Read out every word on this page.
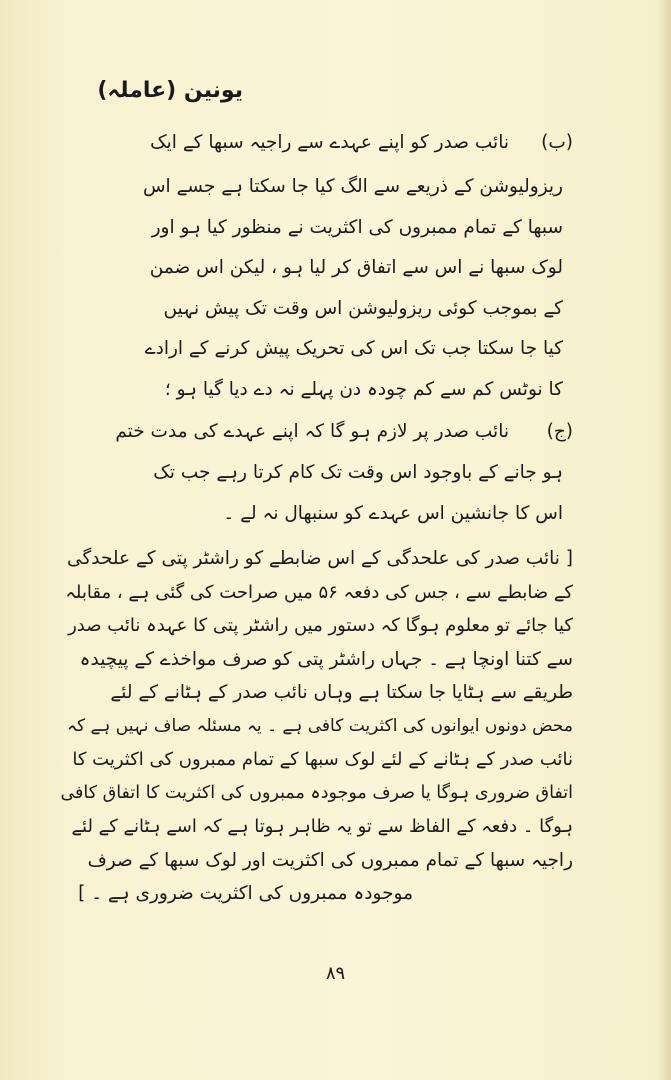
یونین (عاملہ)
(ب)
نائب صدر کو اپنے عہدے سے راجیہ سبھا کے ایک
ریزولیوشن کے ذریعے سے الگ کیا جا سکتا ہے جسے اس
سبھا کے تمام ممبروں کی اکثریت نے منظور کیا ہو اور
لوک سبھا نے اس سے اتفاق کر لیا ہو ، لیکن اس ضمن
کے بموجب کوئی ریزولیوشن اس وقت تک پیش نہیں
کیا جا سکتا جب تک اس کی تحریک پیش کرنے کے ارادے
کا نوٹس کم سے کم چودہ دن پہلے نہ دے دیا گیا ہو ؛
(ج)
نائب صدر پر لازم ہو گا کہ اپنے عہدے کی مدت ختم
ہو جانے کے باوجود اس وقت تک کام کرتا رہے جب تک
اس کا جانشین اس عہدے کو سنبھال نہ لے ۔
[ نائب صدر کی علحدگی کے اس ضابطے کو راشٹر پتی کے علحدگی
کے ضابطے سے ، جس کی دفعہ ۵۶ میں صراحت کی گئی ہے ، مقابلہ
کیا جائے تو معلوم ہوگا کہ دستور میں راشٹر پتی کا عہدہ نائب صدر
سے کتنا اونچا ہے ۔ جہاں راشٹر پتی کو صرف مواخذے کے پیچیدہ
طریقے سے ہٹایا جا سکتا ہے وہاں نائب صدر کے ہٹانے کے لئے
محض دونوں ایوانوں کی اکثریت کافی ہے ۔ یہ مسئلہ صاف نہیں ہے کہ
نائب صدر کے ہٹانے کے لئے لوک سبھا کے تمام ممبروں کی اکثریت کا
اتفاق ضروری ہوگا یا صرف موجودہ ممبروں کی اکثریت کا اتفاق کافی
ہوگا ۔ دفعہ کے الفاظ سے تو یہ ظاہر ہوتا ہے کہ اسے ہٹانے کے لئے
راجیہ سبھا کے تمام ممبروں کی اکثریت اور لوک سبھا کے صرف
موجودہ ممبروں کی اکثریت ضروری ہے ۔ ]
۸۹
